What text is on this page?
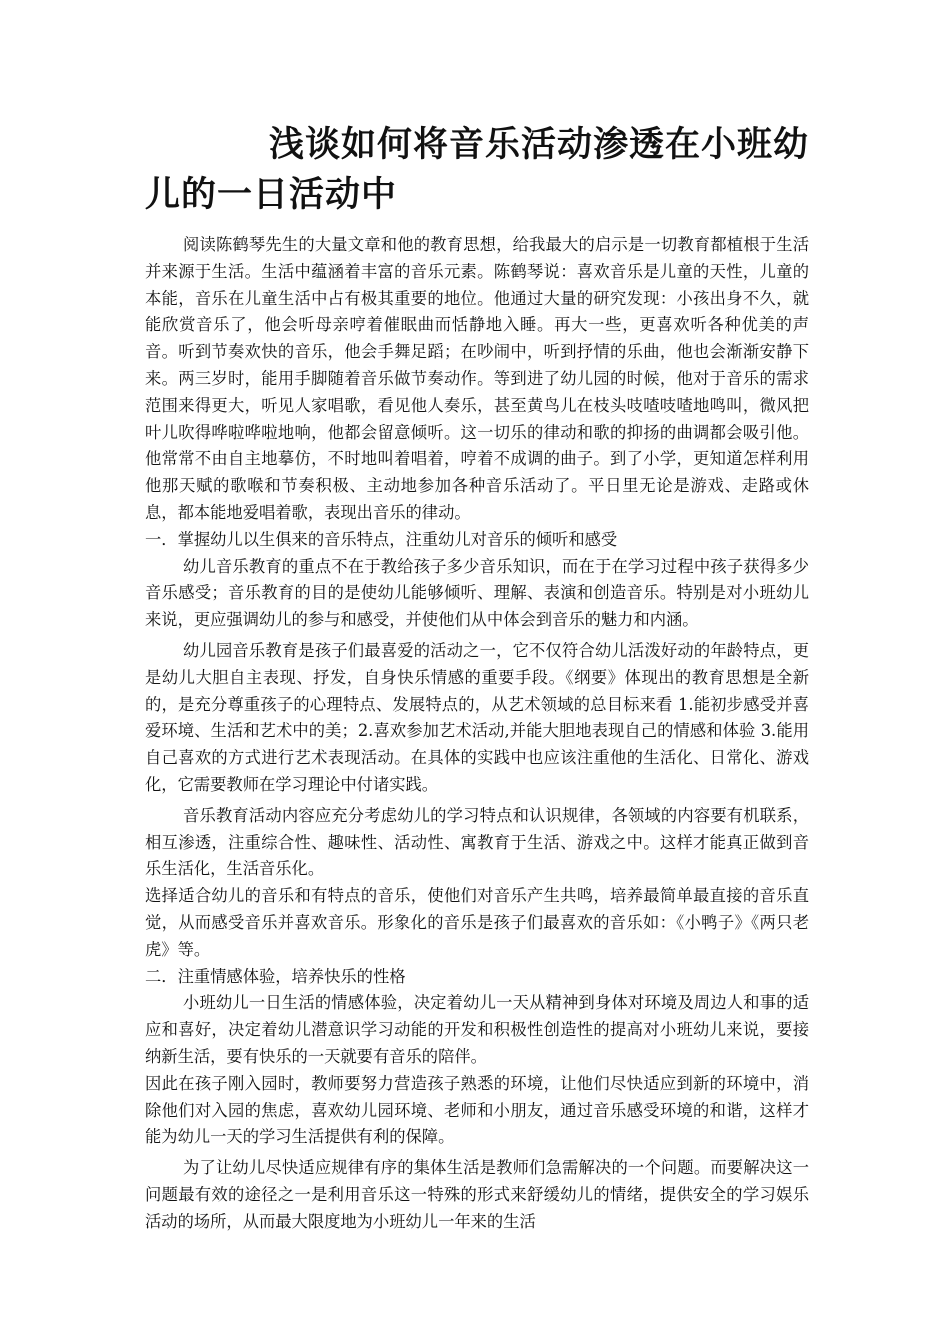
浅谈如何将音乐活动渗透在小班幼儿的一日活动中

阅读陈鹤琴先生的大量文章和他的教育思想，给我最大的启示是一切教育都植根于生活并来源于生活。生活中蕴涵着丰富的音乐元素。陈鹤琴说：喜欢音乐是儿童的天性，儿童的本能，音乐在儿童生活中占有极其重要的地位。他通过大量的研究发现：小孩出身不久，就能欣赏音乐了，他会听母亲哼着催眠曲而恬静地入睡。再大一些，更喜欢听各种优美的声音。听到节奏欢快的音乐，他会手舞足蹈；在吵闹中，听到抒情的乐曲，他也会渐渐安静下来。两三岁时，能用手脚随着音乐做节奏动作。等到进了幼儿园的时候，他对于音乐的需求范围来得更大，听见人家唱歌，看见他人奏乐，甚至黄鸟儿在枝头吱喳吱喳地鸣叫，微风把叶儿吹得哗啦哗啦地响，他都会留意倾听。这一切乐的律动和歌的抑扬的曲调都会吸引他。他常常不由自主地摹仿，不时地叫着唱着，哼着不成调的曲子。到了小学，更知道怎样利用他那天赋的歌喉和节奏积极、主动地参加各种音乐活动了。平日里无论是游戏、走路或休息，都本能地爱唱着歌，表现出音乐的律动。

一．掌握幼儿以生俱来的音乐特点，注重幼儿对音乐的倾听和感受

幼儿音乐教育的重点不在于教给孩子多少音乐知识，而在于在学习过程中孩子获得多少音乐感受；音乐教育的目的是使幼儿能够倾听、理解、表演和创造音乐。特别是对小班幼儿来说，更应强调幼儿的参与和感受，并使他们从中体会到音乐的魅力和内涵。

幼儿园音乐教育是孩子们最喜爱的活动之一，它不仅符合幼儿活泼好动的年龄特点，更是幼儿大胆自主表现、抒发，自身快乐情感的重要手段。《纲要》体现出的教育思想是全新的，是充分尊重孩子的心理特点、发展特点的，从艺术领域的总目标来看 1.能初步感受并喜爱环境、生活和艺术中的美；2.喜欢参加艺术活动,并能大胆地表现自己的情感和体验 3.能用自己喜欢的方式进行艺术表现活动。在具体的实践中也应该注重他的生活化、日常化、游戏化，它需要教师在学习理论中付诸实践。

音乐教育活动内容应充分考虑幼儿的学习特点和认识规律，各领域的内容要有机联系，相互渗透，注重综合性、趣味性、活动性、寓教育于生活、游戏之中。这样才能真正做到音乐生活化，生活音乐化。

选择适合幼儿的音乐和有特点的音乐，使他们对音乐产生共鸣，培养最简单最直接的音乐直觉，从而感受音乐并喜欢音乐。形象化的音乐是孩子们最喜欢的音乐如：《小鸭子》《两只老虎》等。

二．注重情感体验，培养快乐的性格

小班幼儿一日生活的情感体验，决定着幼儿一天从精神到身体对环境及周边人和事的适应和喜好，决定着幼儿潜意识学习动能的开发和积极性创造性的提高对小班幼儿来说，要接纳新生活，要有快乐的一天就要有音乐的陪伴。

因此在孩子刚入园时，教师要努力营造孩子熟悉的环境，让他们尽快适应到新的环境中，消除他们对入园的焦虑，喜欢幼儿园环境、老师和小朋友，通过音乐感受环境的和谐，这样才能为幼儿一天的学习生活提供有利的保障。

为了让幼儿尽快适应规律有序的集体生活是教师们急需解决的一个问题。而要解决这一问题最有效的途径之一是利用音乐这一特殊的形式来舒缓幼儿的情绪，提供安全的学习娱乐活动的场所，从而最大限度地为小班幼儿一年来的生活
